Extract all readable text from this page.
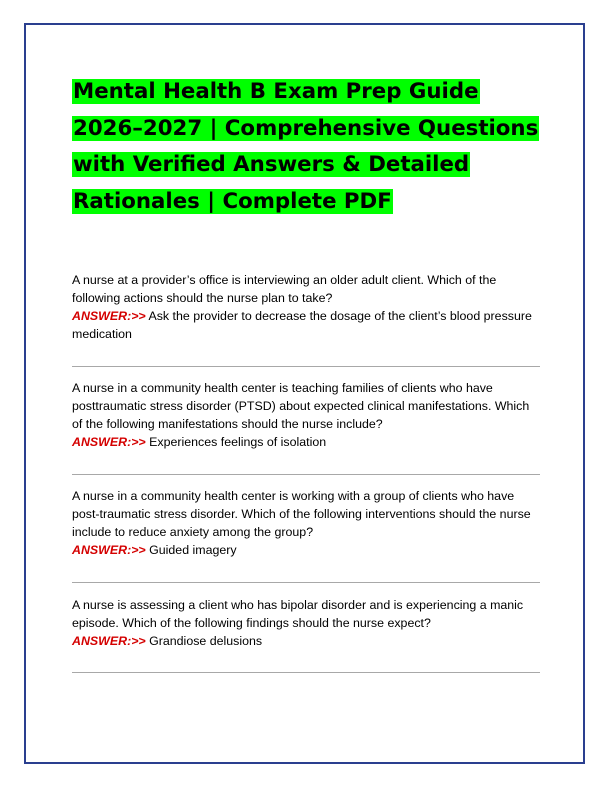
Mental Health B Exam Prep Guide 2026–2027 | Comprehensive Questions with Verified Answers & Detailed Rationales | Complete PDF
A nurse at a provider’s office is interviewing an older adult client. Which of the following actions should the nurse plan to take?
ANSWER:>> Ask the provider to decrease the dosage of the client’s blood pressure medication
A nurse in a community health center is teaching families of clients who have posttraumatic stress disorder (PTSD) about expected clinical manifestations. Which of the following manifestations should the nurse include?
ANSWER:>> Experiences feelings of isolation
A nurse in a community health center is working with a group of clients who have post-traumatic stress disorder. Which of the following interventions should the nurse include to reduce anxiety among the group?
ANSWER:>> Guided imagery
A nurse is assessing a client who has bipolar disorder and is experiencing a manic episode. Which of the following findings should the nurse expect?
ANSWER:>> Grandiose delusions
